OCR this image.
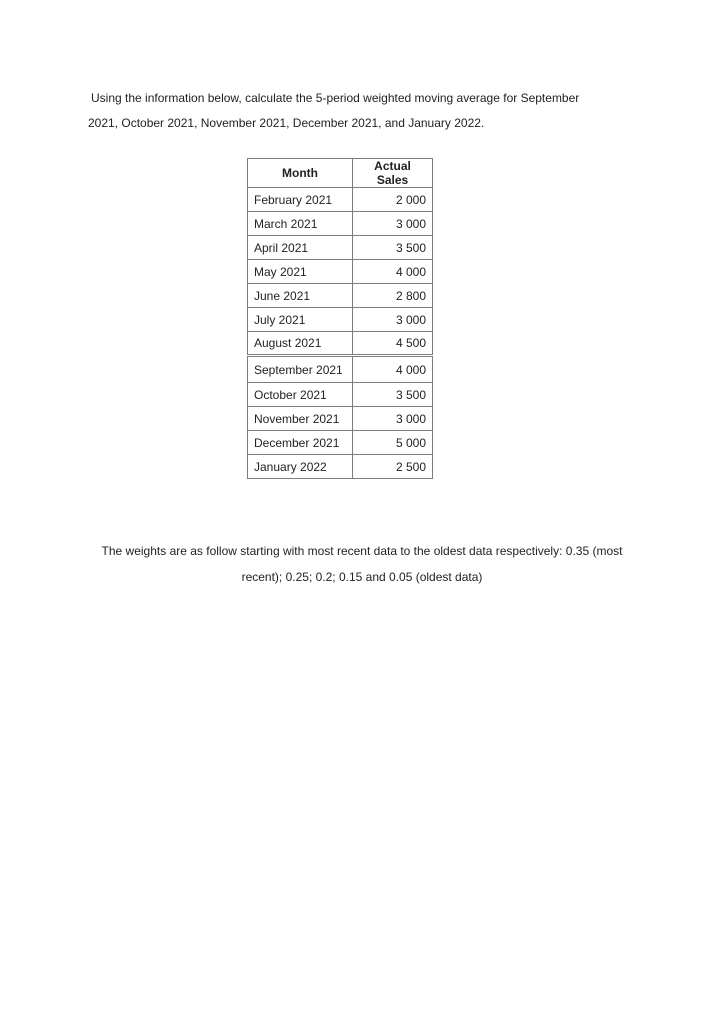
Using the information below, calculate the 5-period weighted moving average for September
2021, October 2021, November 2021, December 2021, and January 2022.

Month	Actual Sales
February 2021	2 000
March 2021	3 000
April 2021	3 500
May 2021	4 000
June 2021	2 800
July 2021	3 000
August 2021	4 500
September 2021	4 000
October 2021	3 500
November 2021	3 000
December 2021	5 000
January 2022	2 500

The weights are as follow starting with most recent data to the oldest data respectively: 0.35 (most
recent); 0.25; 0.2; 0.15 and 0.05 (oldest data)
